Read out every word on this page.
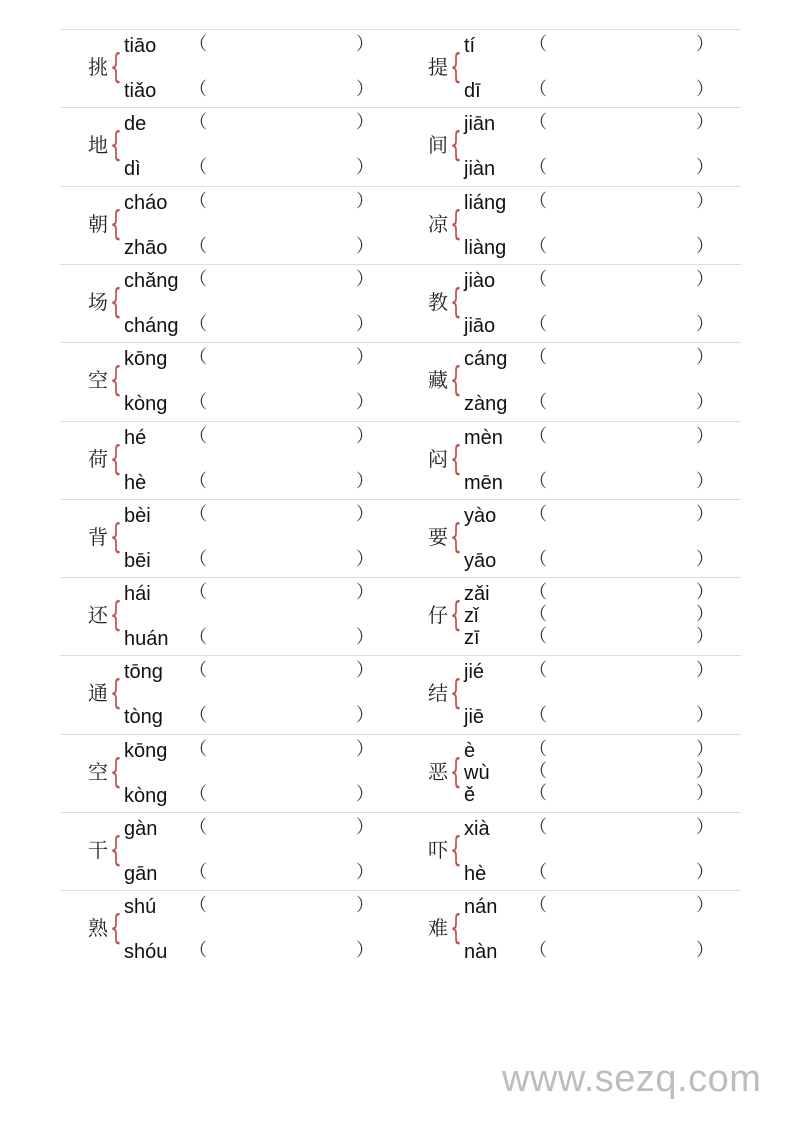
挑 {
tiāo （	）
tiǎo （	）
提 {
tí	（	）
dī	（	）
地 {
de （	）
dì	（	）
间 {
jiān （	）
jiàn （	）
朝 {
cháo （	）
zhāo （	）
凉 {
liáng （	）
liàng （	）
场 {
chǎng （	）
cháng （	）
教 {
jiào （	）
jiāo （	）
空 {
kōng （	）
kòng （	）
藏 {
cáng （	）
zàng （	）
荷 {
hé （	）
hè （	）
闷 {
mèn （	）
mēn （	）
背 {
bèi （	）
bēi （	）
要 {
yào （	）
yāo （	）
还 {
hái （	）
huán （	）
仔 {
zǎi （	）
zǐ	（	）
zī	（	）
通 {
tōng （	）
tòng （	）
结 {
jié （	）
jiē （	）
空 {
kōng （	）
kòng （	）
恶 {
è	（	）
wù （	）
ě	（	）
干 {
gàn （	）
gān （	）
吓 {
xià （	）
hè （	）
熟 {
shú （	）
shóu （	）
难 {
nán （	）
nàn （	）
www.sezq.com
